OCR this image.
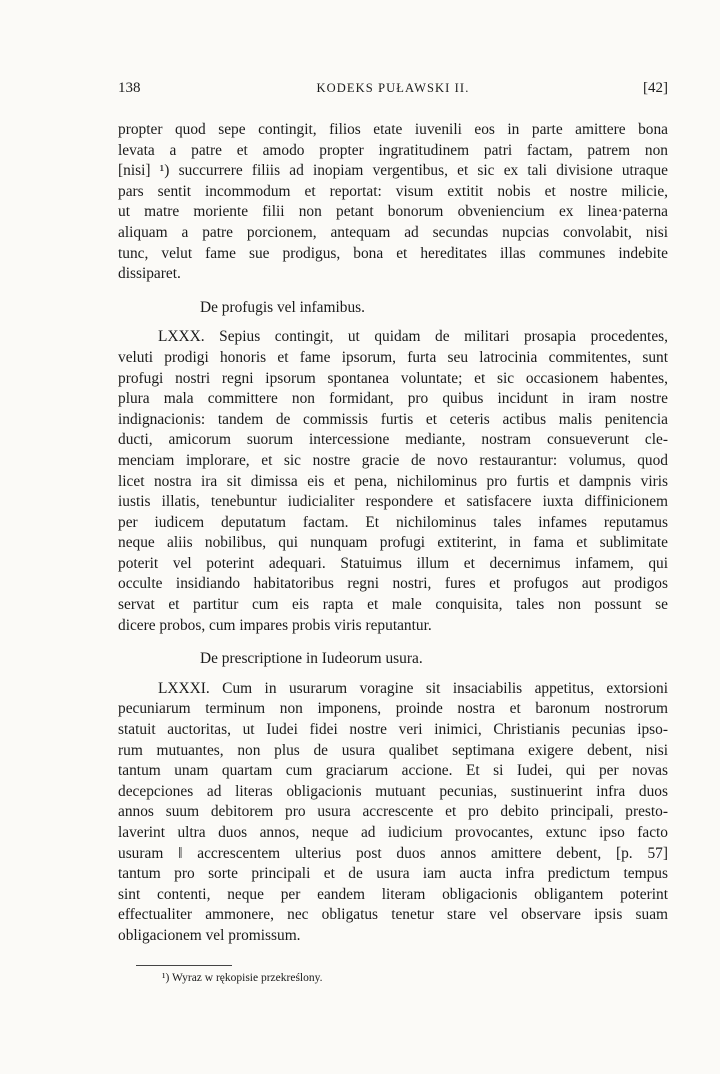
138	KODEKS PUŁAWSKI II.	[42]
propter quod sepe contingit, filios etate iuvenili eos in parte amittere bona
levata a patre et amodo propter ingratitudinem patri factam, patrem non
[nisi] ¹) succurrere filiis ad inopiam vergentibus, et sic ex tali divisione utraque
pars sentit incommodum et reportat: visum extitit nobis et nostre milicie,
ut matre moriente filii non petant bonorum obveniencium ex linea·paterna
aliquam a patre porcionem, antequam ad secundas nupcias convolabit, nisi
tunc, velut fame sue prodigus, bona et hereditates illas communes indebite
dissiparet.
De profugis vel infamibus.
LXXX. Sepius contingit, ut quidam de militari prosapia procedentes,
veluti prodigi honoris et fame ipsorum, furta seu latrocinia commitentes, sunt
profugi nostri regni ipsorum spontanea voluntate; et sic occasionem habentes,
plura mala committere non formidant, pro quibus incidunt in iram nostre
indignacionis: tandem de commissis furtis et ceteris actibus malis penitencia
ducti, amicorum suorum intercessione mediante, nostram consueverunt cle-
menciam implorare, et sic nostre gracie de novo restaurantur: volumus, quod
licet nostra ira sit dimissa eis et pena, nichilominus pro furtis et dampnis viris
iustis illatis, tenebuntur iudicialiter respondere et satisfacere iuxta diffinicionem
per iudicem deputatum factam. Et nichilominus tales infames reputamus
neque aliis nobilibus, qui nunquam profugi extiterint, in fama et sublimitate
poterit vel poterint adequari. Statuimus illum et decernimus infamem, qui
occulte insidiando habitatoribus regni nostri, fures et profugos aut prodigos
servat et partitur cum eis rapta et male conquisita, tales non possunt se
dicere probos, cum impares probis viris reputantur.
De prescriptione in Iudeorum usura.
LXXXI. Cum in usurarum voragine sit insaciabilis appetitus, extorsioni
pecuniarum terminum non imponens, proinde nostra et baronum nostrorum
statuit auctoritas, ut Iudei fidei nostre veri inimici, Christianis pecunias ipso-
rum mutuantes, non plus de usura qualibet septimana exigere debent, nisi
tantum unam quartam cum graciarum accione. Et si Iudei, qui per novas
decepciones ad literas obligacionis mutuant pecunias, sustinuerint infra duos
annos suum debitorem pro usura accrescente et pro debito principali, presto-
laverint ultra duos annos, neque ad iudicium provocantes, extunc ipso facto
usuram ‖ accrescentem ulterius post duos annos amittere debent, [p. 57]
tantum pro sorte principali et de usura iam aucta infra predictum tempus
sint contenti, neque per eandem literam obligacionis obligantem poterint
effectualiter ammonere, nec obligatus tenetur stare vel observare ipsis suam
obligacionem vel promissum.
¹) Wyraz w rękopisie przekreślony.
